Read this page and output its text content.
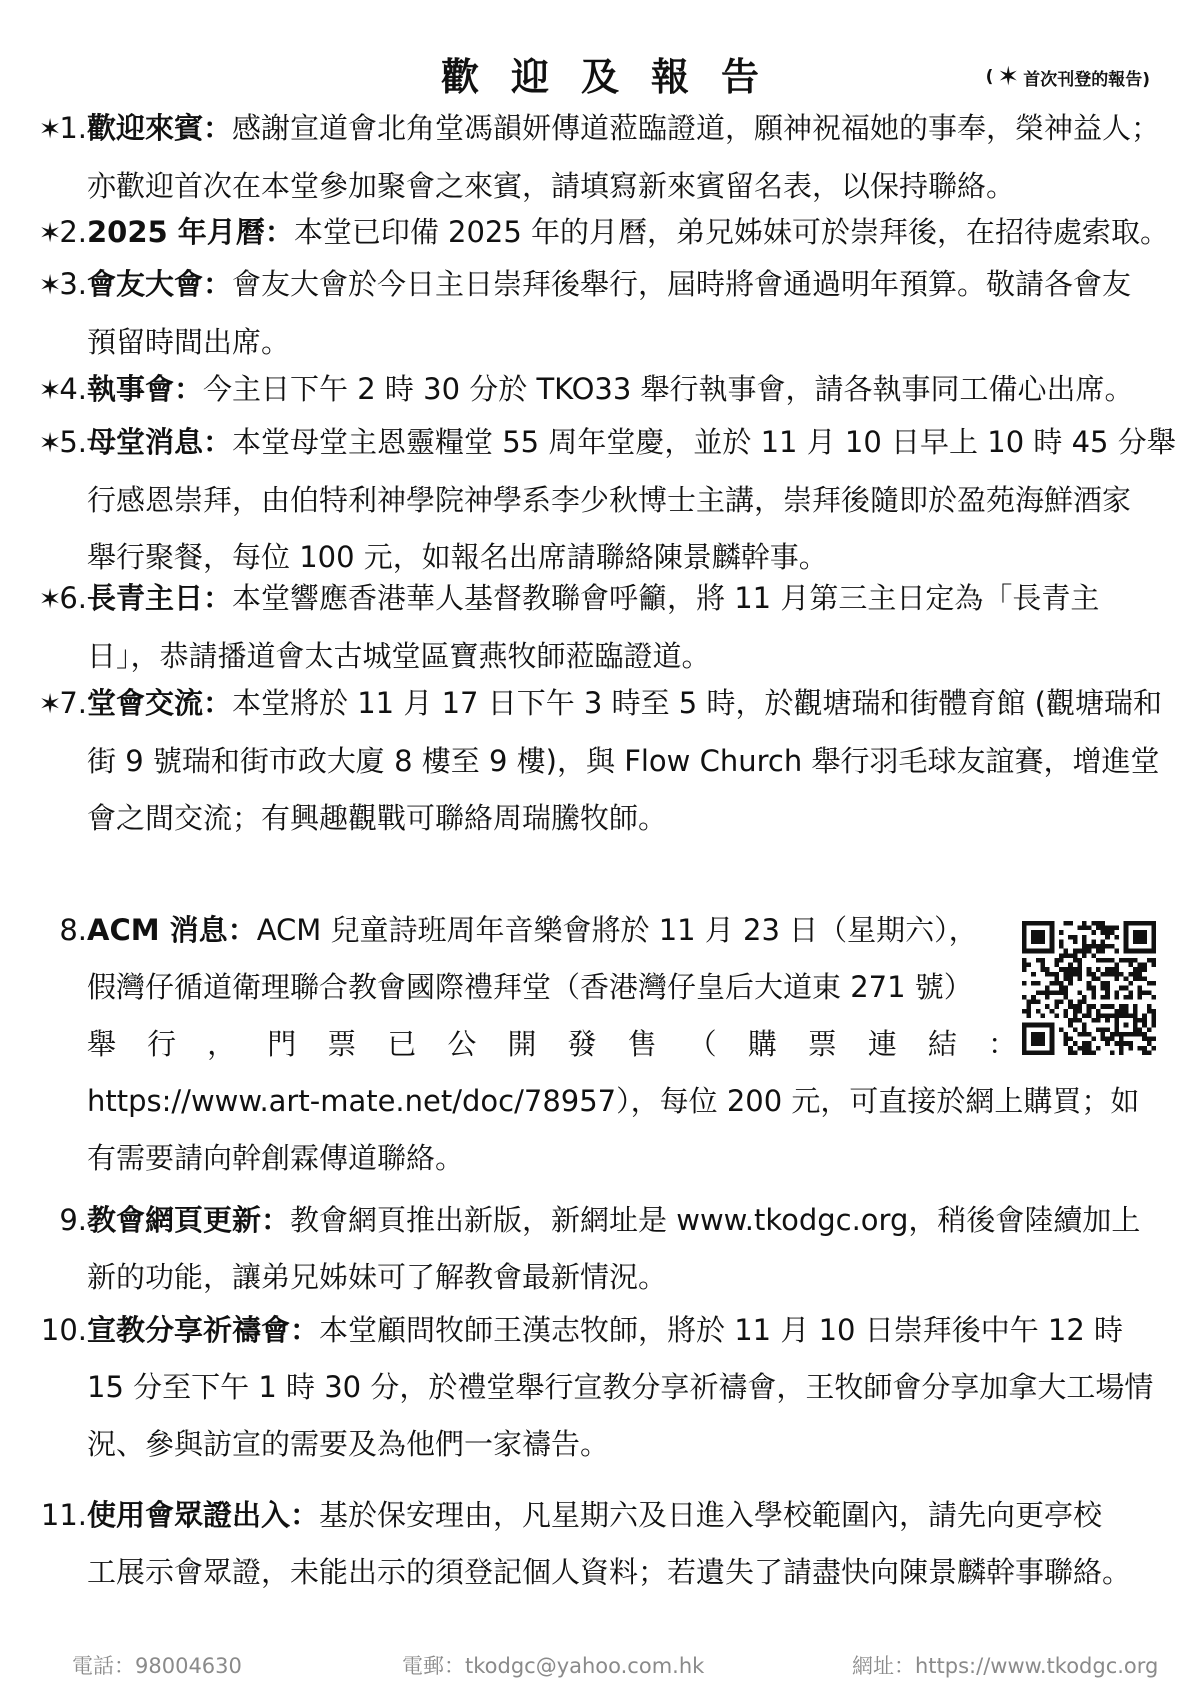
歡迎及報告	( ✶ 首次刊登的報告)
✶
1. 歡迎來賓： 感謝宣道會北角堂馮韻妍傳道蒞臨證道，願神祝福她的事奉，榮神益人；
亦歡迎首次在本堂參加聚會之來賓，請填寫新來賓留名表，以保持聯絡。
✶
2. 2025 年月曆： 本堂已印備 2025 年的月曆，弟兄姊妹可於崇拜後，在招待處索取。
✶
3. 會友大會： 會友大會於今日主日崇拜後舉行，屆時將會通過明年預算。敬請各會友
預留時間出席。
✶
4. 執事會： 今主日下午 2 時 30 分於 TKO33 舉行執事會，請各執事同工備心出席。
✶
5. 母堂消息： 本堂母堂主恩靈糧堂 55 周年堂慶，並於 11 月 10 日早上 10 時 45 分舉
行感恩崇拜，由伯特利神學院神學系李少秋博士主講，崇拜後隨即於盈苑海鮮酒家
舉行聚餐，每位 100 元，如報名出席請聯絡陳景麟幹事。
✶
6. 長青主日： 本堂響應香港華人基督教聯會呼籲，將 11 月第三主日定為「長青主
日」，恭請播道會太古城堂區寶燕牧師蒞臨證道。
✶
7. 堂會交流： 本堂將於 11 月 17 日下午 3 時至 5 時，於觀塘瑞和街體育館 (觀塘瑞和
街 9 號瑞和街市政大廈 8 樓至 9 樓)，與 Flow Church 舉行羽毛球友誼賽，增進堂
會之間交流；有興趣觀戰可聯絡周瑞騰牧師。
8. ACM 消息： ACM 兒童詩班周年音樂會將於 11 月 23 日（星期六），
假灣仔循道衛理聯合教會國際禮拜堂（香港灣仔皇后大道東 271 號）
舉 行 ， 門 票 已 公 開 發 售 （ 購 票 連 結 ：
https://www.art-mate.net/doc/78957），每位 200 元，可直接於網上購買；如
有需要請向幹創霖傳道聯絡。
9. 教會網頁更新： 教會網頁推出新版，新網址是 www.tkodgc.org，稍後會陸續加上
新的功能，讓弟兄姊妹可了解教會最新情況。
10. 宣教分享祈禱會： 本堂顧問牧師王漢志牧師，將於 11 月 10 日崇拜後中午 12 時
15 分至下午 1 時 30 分，於禮堂舉行宣教分享祈禱會，王牧師會分享加拿大工場情
況、參與訪宣的需要及為他們一家禱告。
11. 使用會眾證出入： 基於保安理由，凡星期六及日進入學校範圍內，請先向更亭校
工展示會眾證，未能出示的須登記個人資料；若遺失了請盡快向陳景麟幹事聯絡。
電話：98004630	電郵：tkodgc@yahoo.com.hk	網址：https://www.tkodgc.org
